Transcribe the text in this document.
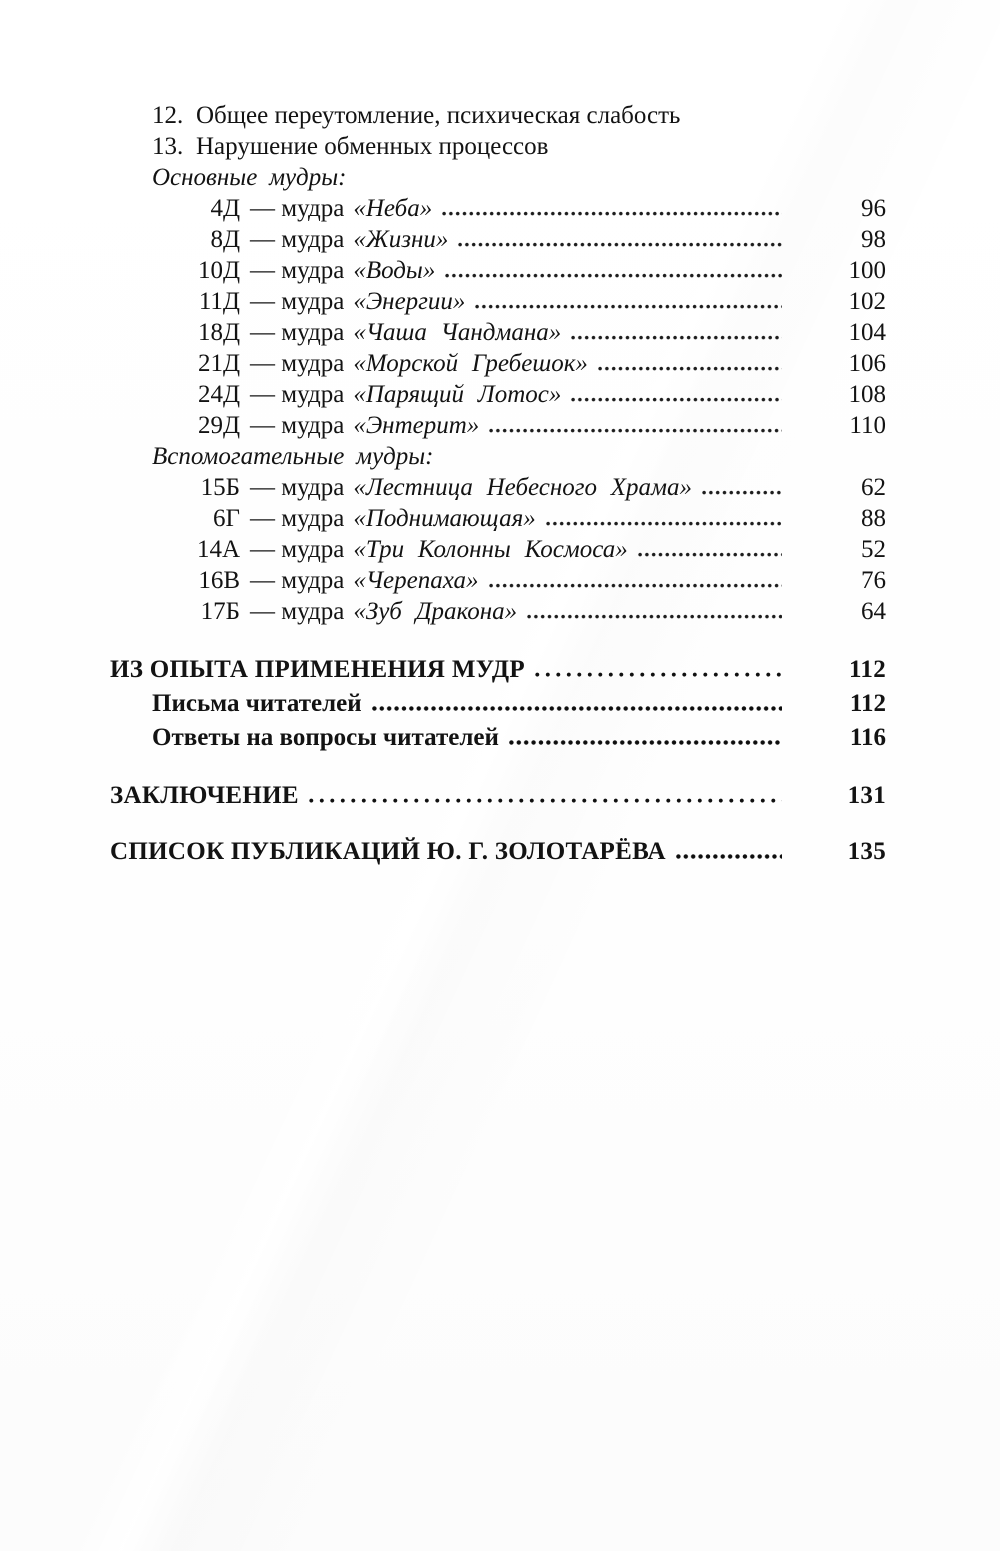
12. Общее переутомление, психическая слабость
13. Нарушение обменных процессов
Основные мудры:
4Д — мудра «Неба»	96
8Д — мудра «Жизни»	98
10Д — мудра «Воды»	100
11Д — мудра «Энергии»	102
18Д — мудра «Чаша Чандмана»	104
21Д — мудра «Морской Гребешок»	106
24Д — мудра «Парящий Лотос»	108
29Д — мудра «Энтерит»	110
Вспомогательные мудры:
15Б — мудра «Лестница Небесного Храма»	62
6Г — мудра «Поднимающая»	88
14А — мудра «Три Колонны Космоса»	52
16В — мудра «Черепаха»	76
17Б — мудра «Зуб Дракона»	64
ИЗ ОПЫТА ПРИМЕНЕНИЯ МУДР	112
Письма читателей	112
Ответы на вопросы читателей	116
ЗАКЛЮЧЕНИЕ	131
СПИСОК ПУБЛИКАЦИЙ Ю. Г. ЗОЛОТАРЁВА	135
